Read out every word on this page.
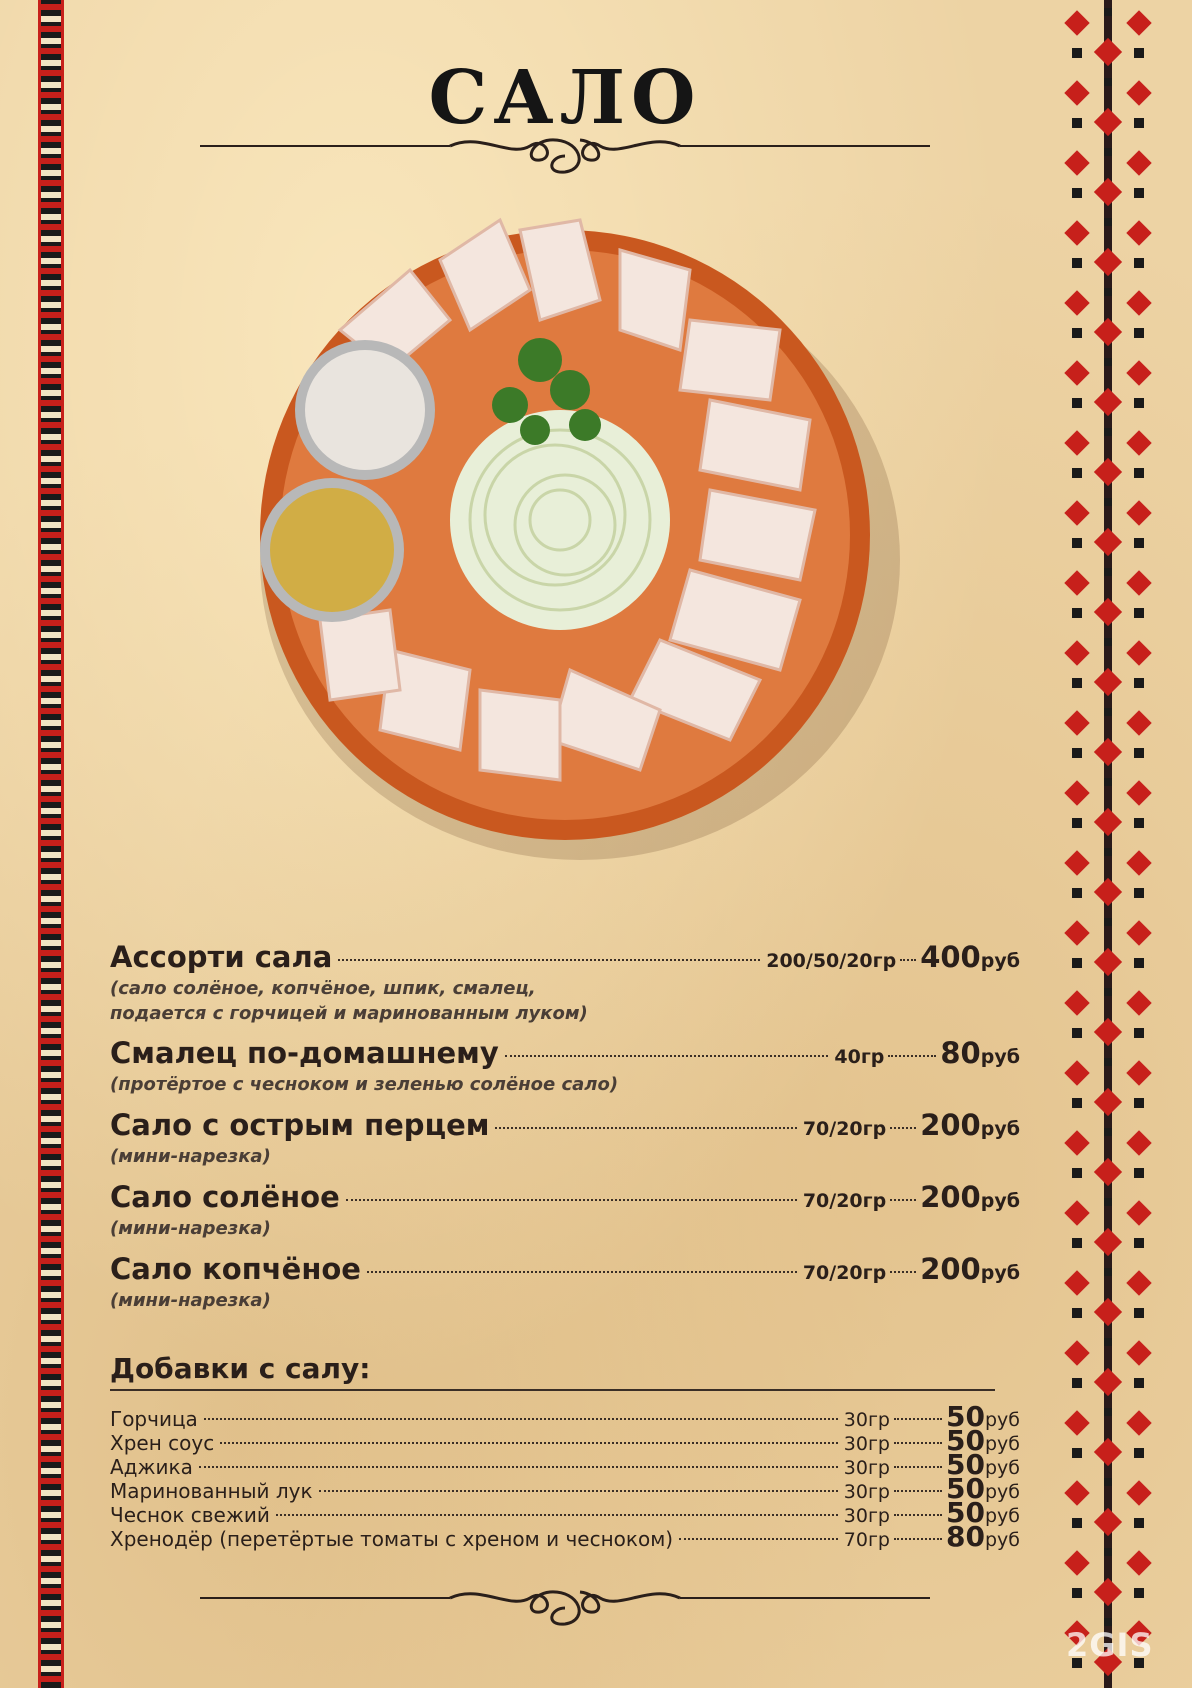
САЛО
Ассорти сала	200/50/20гр 400 руб
(сало солёное, копчёное, шпик, смалец,
подается с горчицей и маринованным луком)
Смалец по-домашнему	40гр 80 руб
(протёртое с чесноком и зеленью солёное сало)
Сало с острым перцем	70/20гр 200 руб
(мини-нарезка)
Сало солёное	70/20гр 200 руб
(мини-нарезка)
Сало копчёное	70/20гр 200 руб
(мини-нарезка)
Добавки с салу:
Горчица	30гр 50 руб
Хрен соус	30гр 50 руб
Аджика	30гр 50 руб
Маринованный лук	30гр 50 руб
Чеснок свежий	30гр 50 руб
Хренодёр (перетёртые томаты с хреном и чесноком)	70гр 80 руб
2GIS
